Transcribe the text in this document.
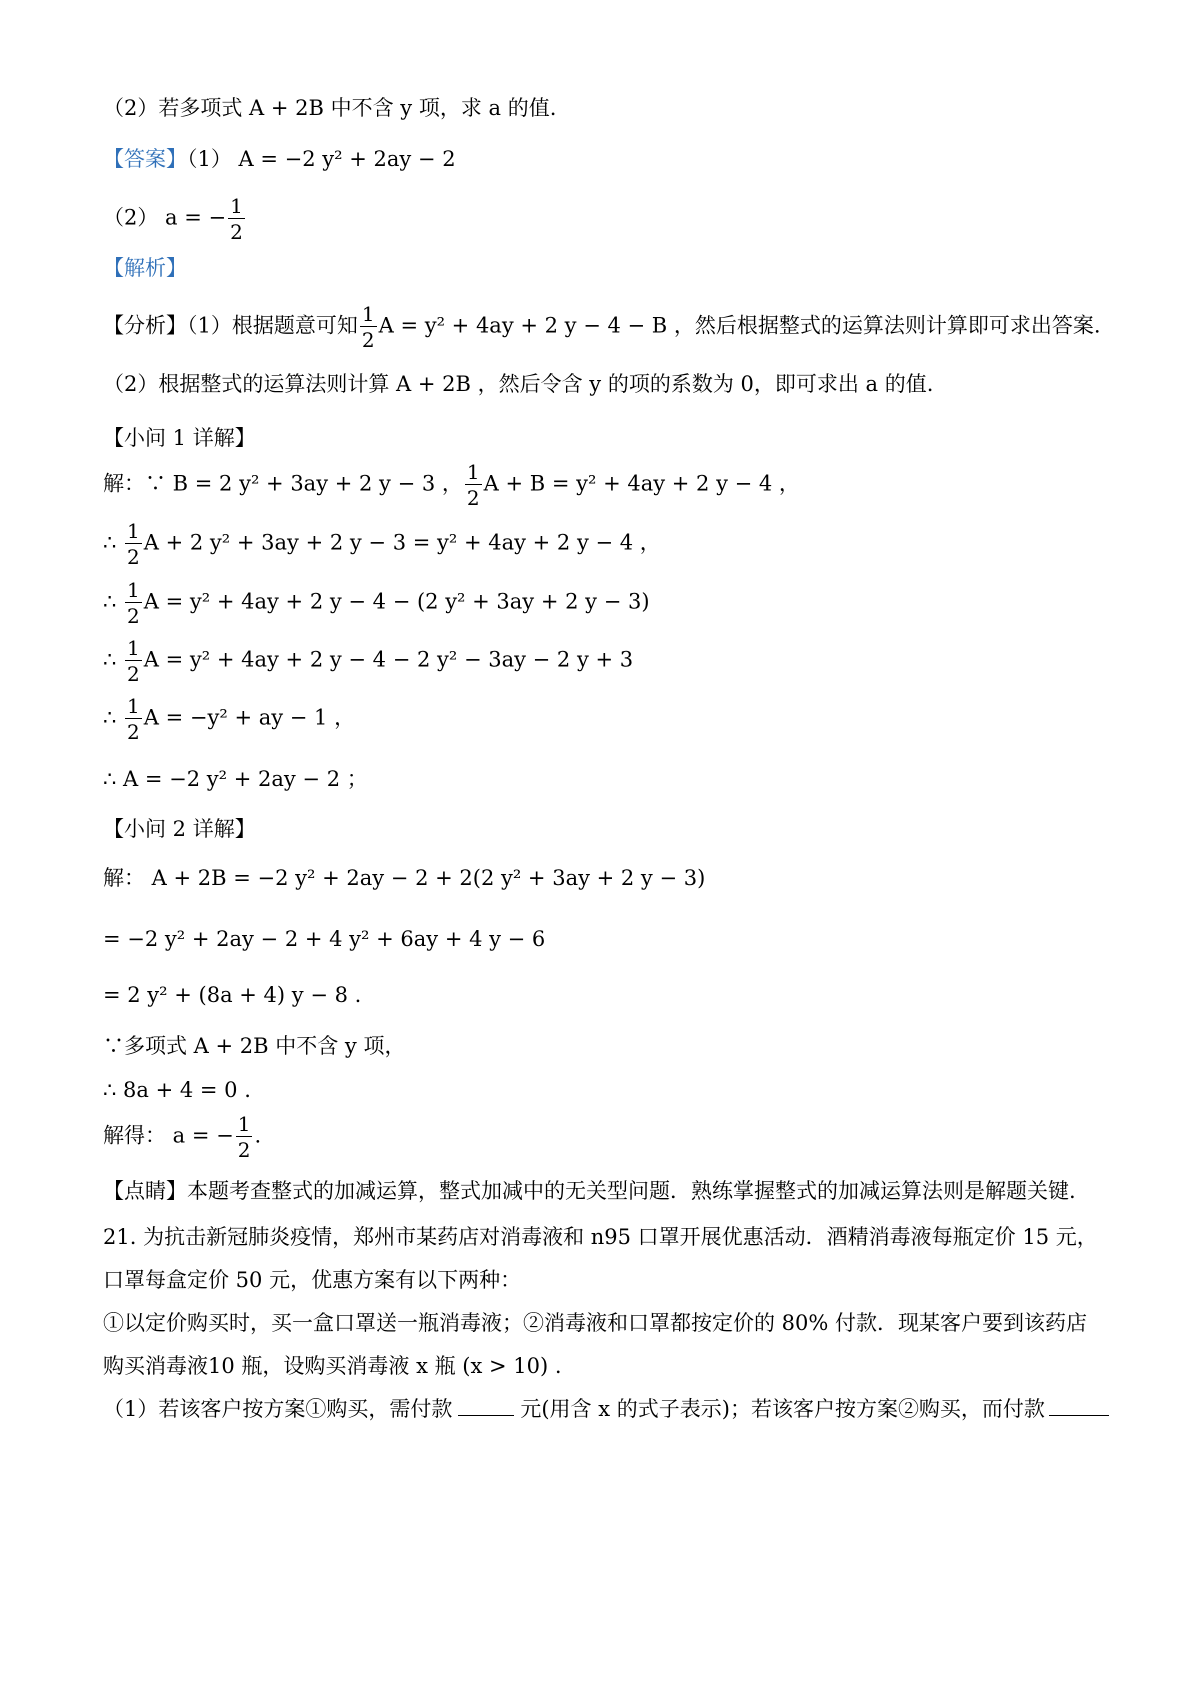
（2）若多项式 A + 2B 中不含 y 项，求 a 的值.
【答案】（1） A = −2 y² + 2ay − 2
（2） a = − $\frac{1}{2}$
【解析】
【分析】（1）根据题意可知 $\frac{1}{2}$ A = y² + 4ay + 2 y − 4 − B ，然后根据整式的运算法则计算即可求出答案.
（2）根据整式的运算法则计算 A + 2B ，然后令含 y 的项的系数为 0，即可求出 a 的值.
【小问 1 详解】
解：∵ B = 2 y² + 3ay + 2 y − 3 ， $\frac{1}{2}$ A + B = y² + 4ay + 2 y − 4 ，
∴ $\frac{1}{2}$ A + 2 y² + 3ay + 2 y − 3 = y² + 4ay + 2 y − 4 ，
∴ $\frac{1}{2}$ A = y² + 4ay + 2 y − 4 − (2 y² + 3ay + 2 y − 3)
∴ $\frac{1}{2}$ A = y² + 4ay + 2 y − 4 − 2 y² − 3ay − 2 y + 3
∴ $\frac{1}{2}$ A = −y² + ay − 1 ，
∴ A = −2 y² + 2ay − 2 ；
【小问 2 详解】
解： A + 2B = −2 y² + 2ay − 2 + 2(2 y² + 3ay + 2 y − 3)
= −2 y² + 2ay − 2 + 4 y² + 6ay + 4 y − 6
= 2 y² + (8a + 4) y − 8 .
∵多项式 A + 2B 中不含 y 项，
∴ 8a + 4 = 0 .
解得： a = − $\frac{1}{2}$ .
【点睛】本题考查整式的加减运算，整式加减中的无关型问题．熟练掌握整式的加减运算法则是解题关键.
21. 为抗击新冠肺炎疫情，郑州市某药店对消毒液和 n95 口罩开展优惠活动．酒精消毒液每瓶定价 15 元，
口罩每盒定价 50 元，优惠方案有以下两种：
①以定价购买时，买一盒口罩送一瓶消毒液；②消毒液和口罩都按定价的 80% 付款．现某客户要到该药店
购买消毒液10 瓶，设购买消毒液 x 瓶 (x > 10) .
（1）若该客户按方案①购买，需付款	元(用含 x 的式子表示)；若该客户按方案②购买，而付款
